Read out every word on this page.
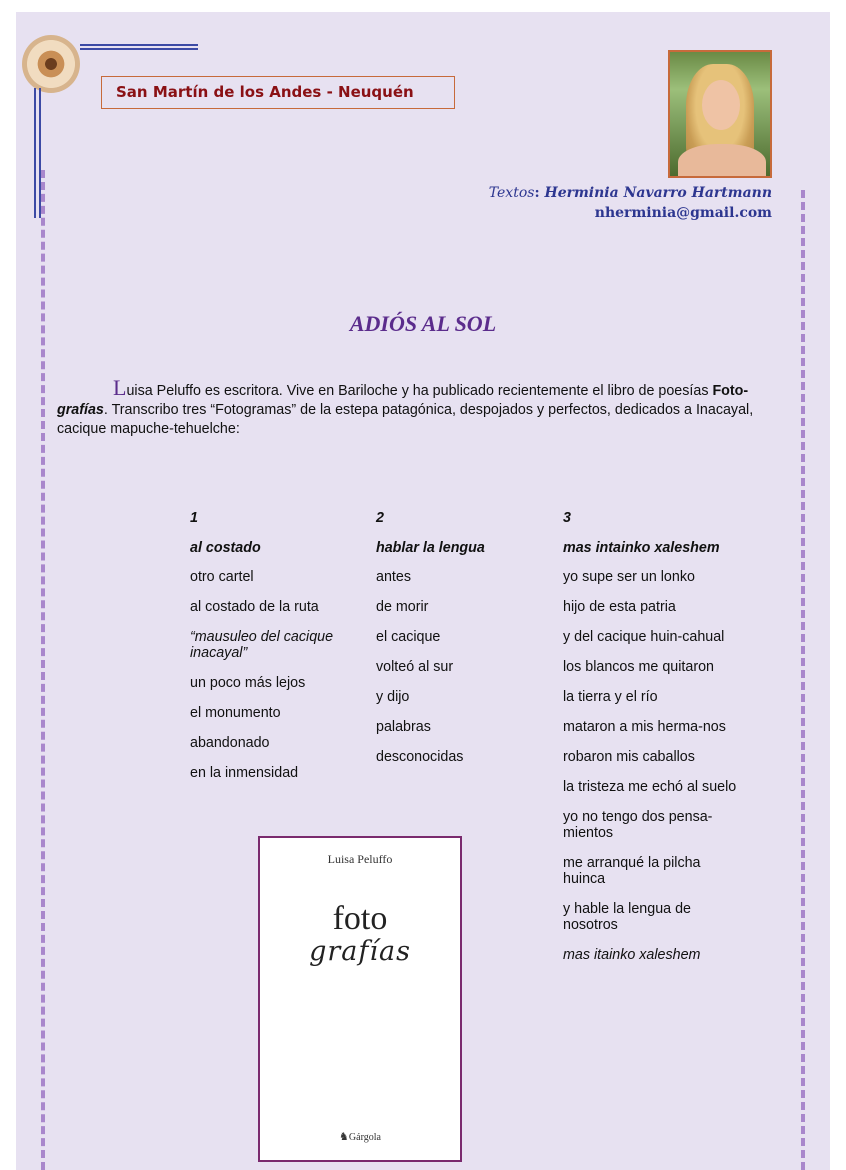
San Martín de los Andes - Neuquén
Textos: Herminia Navarro Hartmann
nherminia@gmail.com
ADIÓS AL SOL
Luisa Peluffo es escritora. Vive en Bariloche y ha publicado recientemente el libro de poesías Foto-grafías. Transcribo tres “Fotogramas” de la estepa patagónica, despojados y perfectos, dedicados a Inacayal, cacique mapuche-tehuelche:
1
al costado
otro cartel
al costado de la ruta
“mausuleo del cacique inacayal”
un poco más lejos
el monumento
abandonado
en la inmensidad
2
hablar la lengua
antes
de morir
el cacique
volteó al sur
y dijo
palabras
desconocidas
3
mas intainko xaleshem
yo supe ser un lonko
hijo de esta patria
y del cacique huin-cahual
los blancos me quitaron
la tierra y el río
mataron a mis herma-nos
robaron mis caballos
la tristeza me echó al suelo
yo no tengo dos pensa-mientos
me arranqué la pilcha huinca
y hable la lengua de nosotros
mas itainko xaleshem
Luisa Peluffo
foto
grafías
♞Gárgola
